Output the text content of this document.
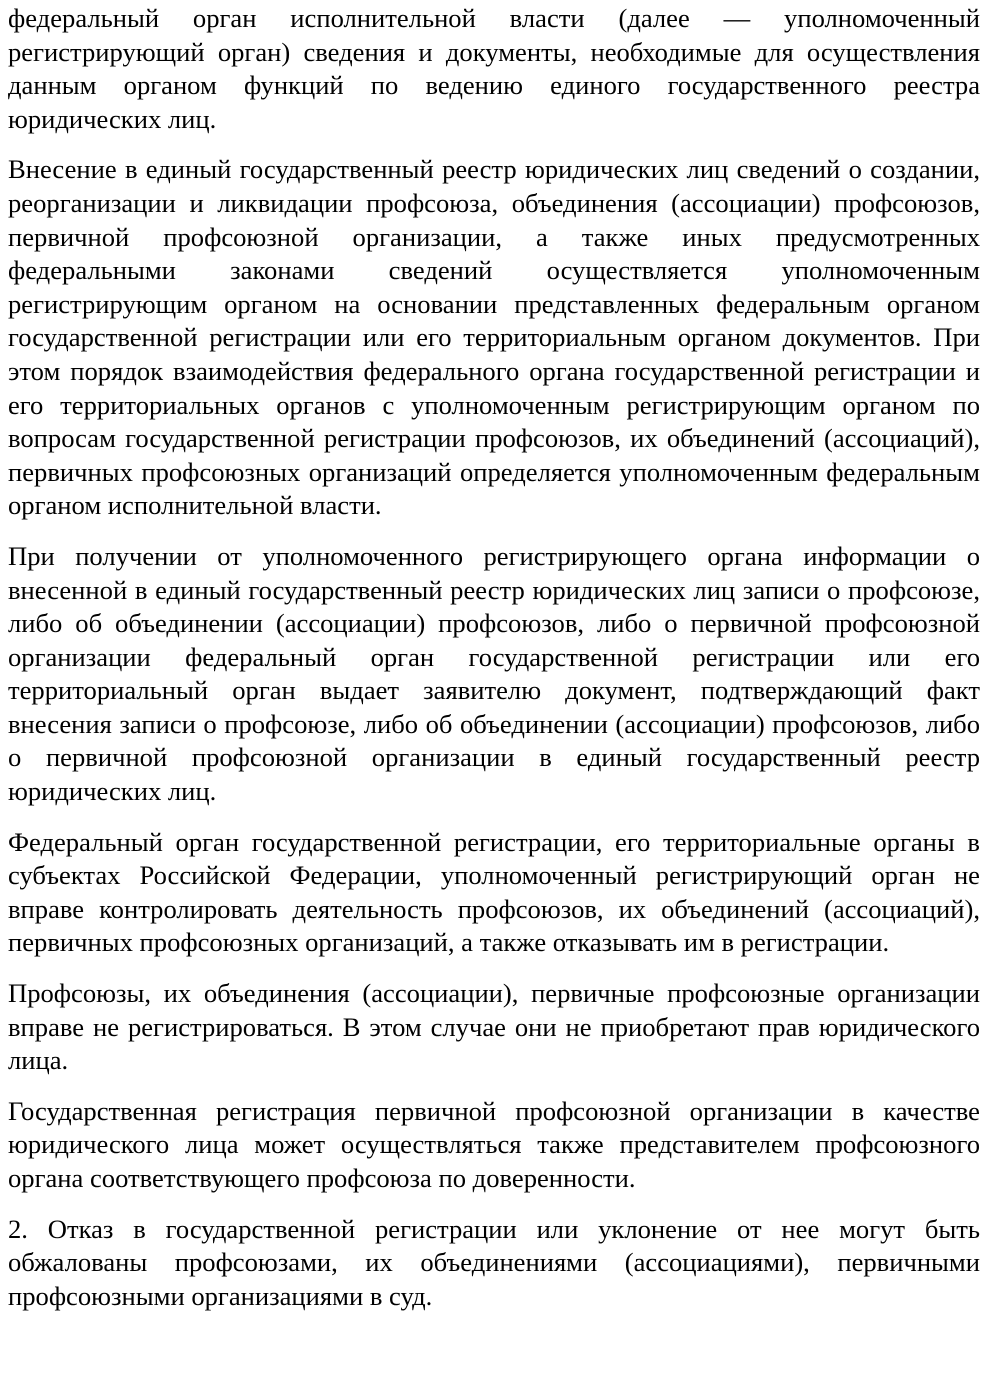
федеральный орган исполнительной власти (далее — уполномоченный регистрирующий орган) сведения и документы, необходимые для осуществления данным органом функций по ведению единого государственного реестра юридических лиц.

Внесение в единый государственный реестр юридических лиц сведений о создании, реорганизации и ликвидации профсоюза, объединения (ассоциации) профсоюзов, первичной профсоюзной организации, а также иных предусмотренных федеральными законами сведений осуществляется уполномоченным регистрирующим органом на основании представленных федеральным органом государственной регистрации или его территориальным органом документов. При этом порядок взаимодействия федерального органа государственной регистрации и его территориальных органов с уполномоченным регистрирующим органом по вопросам государственной регистрации профсоюзов, их объединений (ассоциаций), первичных профсоюзных организаций определяется уполномоченным федеральным органом исполнительной власти.

При получении от уполномоченного регистрирующего органа информации о внесенной в единый государственный реестр юридических лиц записи о профсоюзе, либо об объединении (ассоциации) профсоюзов, либо о первичной профсоюзной организации федеральный орган государственной регистрации или его территориальный орган выдает заявителю документ, подтверждающий факт внесения записи о профсоюзе, либо об объединении (ассоциации) профсоюзов, либо о первичной профсоюзной организации в единый государственный реестр юридических лиц.

Федеральный орган государственной регистрации, его территориальные органы в субъектах Российской Федерации, уполномоченный регистрирующий орган не вправе контролировать деятельность профсоюзов, их объединений (ассоциаций), первичных профсоюзных организаций, а также отказывать им в регистрации.

Профсоюзы, их объединения (ассоциации), первичные профсоюзные организации вправе не регистрироваться. В этом случае они не приобретают прав юридического лица.

Государственная регистрация первичной профсоюзной организации в качестве юридического лица может осуществляться также представителем профсоюзного органа соответствующего профсоюза по доверенности.

2. Отказ в государственной регистрации или уклонение от нее могут быть обжалованы профсоюзами, их объединениями (ассоциациями), первичными профсоюзными организациями в суд.
